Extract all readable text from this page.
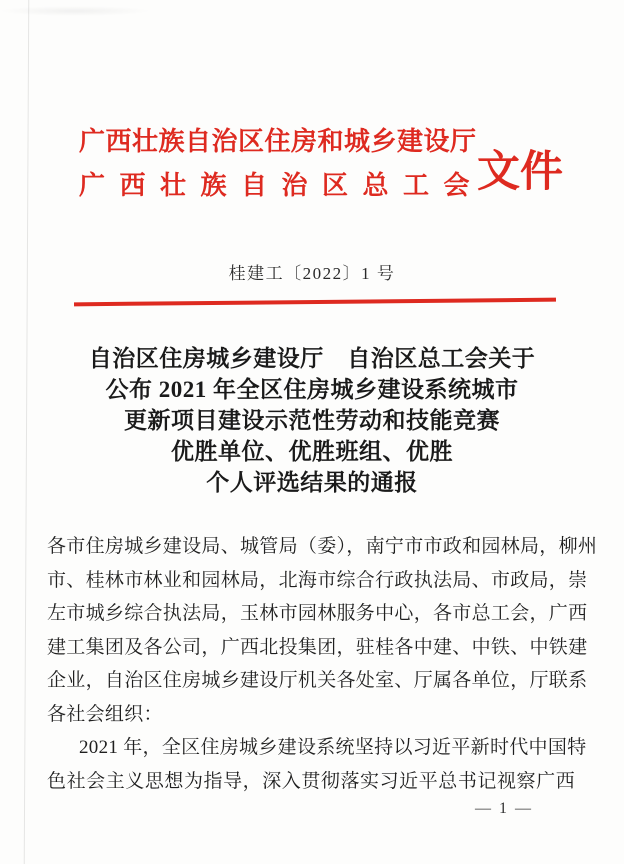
广西壮族自治区住房和城乡建设厅
广西壮族自治区总工会
文件
桂建工〔2022〕1 号
自治区住房城乡建设厅　自治区总工会关于
公布 2021 年全区住房城乡建设系统城市
更新项目建设示范性劳动和技能竞赛
优胜单位、优胜班组、优胜
个人评选结果的通报
各市住房城乡建设局、城管局（委），南宁市市政和园林局，柳州
市、桂林市林业和园林局，北海市综合行政执法局、市政局，崇
左市城乡综合执法局，玉林市园林服务中心，各市总工会，广西
建工集团及各公司，广西北投集团，驻桂各中建、中铁、中铁建
企业，自治区住房城乡建设厅机关各处室、厅属各单位，厅联系
各社会组织：
2021 年，全区住房城乡建设系统坚持以习近平新时代中国特
色社会主义思想为指导，深入贯彻落实习近平总书记视察广西
— 1 —
